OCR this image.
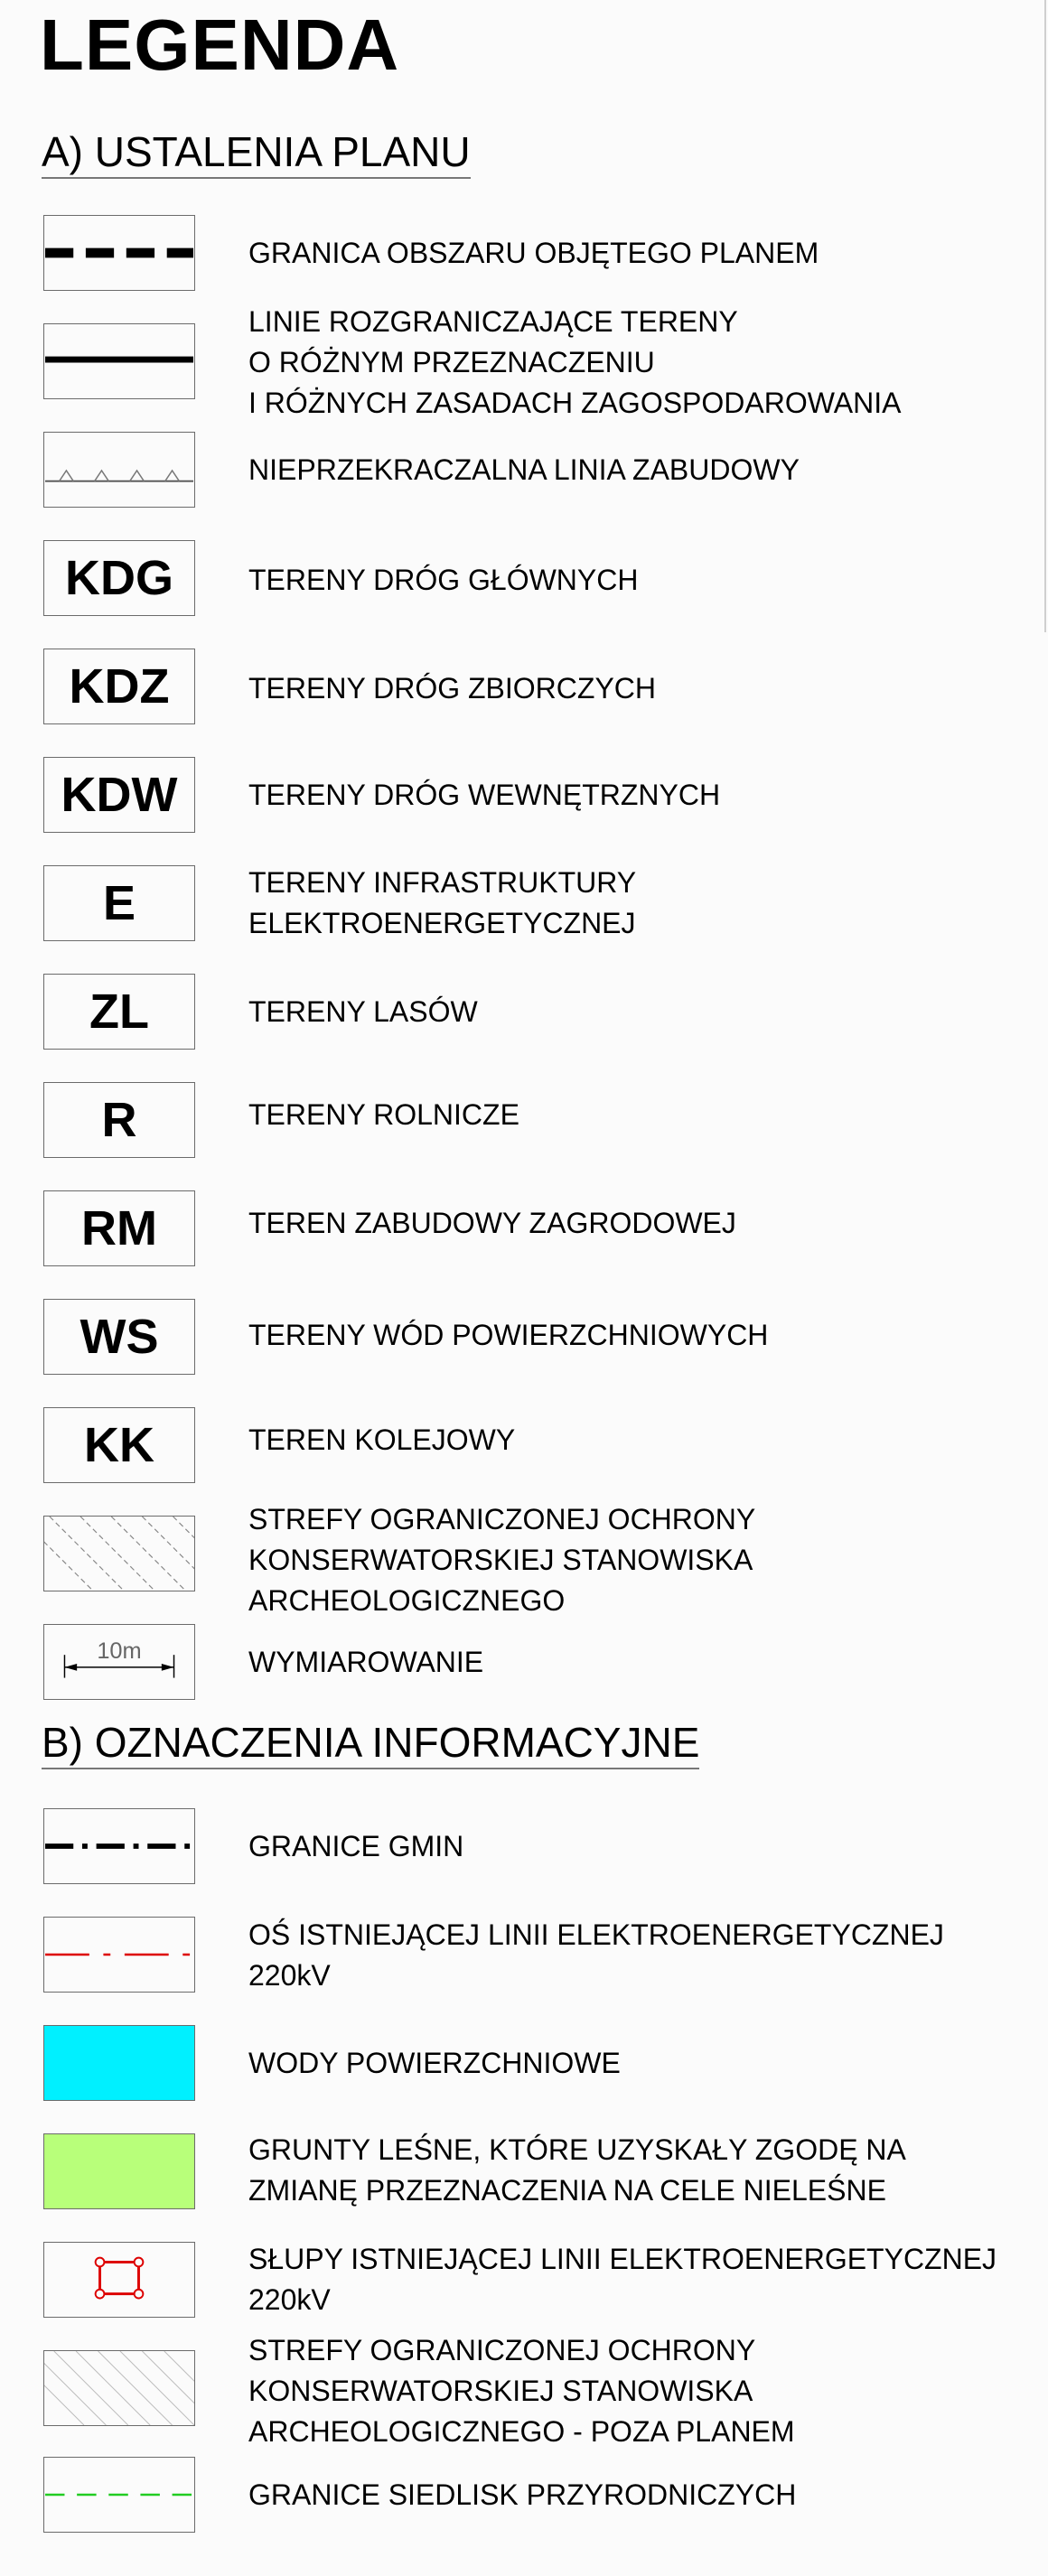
LEGENDA
A) USTALENIA PLANU
GRANICA OBSZARU OBJĘTEGO PLANEM
LINIE ROZGRANICZAJĄCE TERENY
O RÓŻNYM PRZEZNACZENIU
I RÓŻNYCH ZASADACH ZAGOSPODAROWANIA
NIEPRZEKRACZALNA LINIA ZABUDOWY
KDG	TERENY DRÓG GŁÓWNYCH
KDZ	TERENY DRÓG ZBIORCZYCH
KDW	TERENY DRÓG WEWNĘTRZNYCH
E	TERENY INFRASTRUKTURY
ELEKTROENERGETYCZNEJ
ZL	TERENY LASÓW
R	TERENY ROLNICZE
RM	TEREN ZABUDOWY ZAGRODOWEJ
WS	TERENY WÓD POWIERZCHNIOWYCH
KK	TEREN KOLEJOWY
STREFY OGRANICZONEJ OCHRONY
KONSERWATORSKIEJ STANOWISKA
ARCHEOLOGICZNEGO
10m	WYMIAROWANIE
B) OZNACZENIA INFORMACYJNE
GRANICE GMIN
OŚ ISTNIEJĄCEJ LINII ELEKTROENERGETYCZNEJ
220kV
WODY POWIERZCHNIOWE
GRUNTY LEŚNE, KTÓRE UZYSKAŁY ZGODĘ NA
ZMIANĘ PRZEZNACZENIA NA CELE NIELEŚNE
SŁUPY ISTNIEJĄCEJ LINII ELEKTROENERGETYCZNEJ
220kV
STREFY OGRANICZONEJ OCHRONY
KONSERWATORSKIEJ STANOWISKA
ARCHEOLOGICZNEGO - POZA PLANEM
GRANICE SIEDLISK PRZYRODNICZYCH
